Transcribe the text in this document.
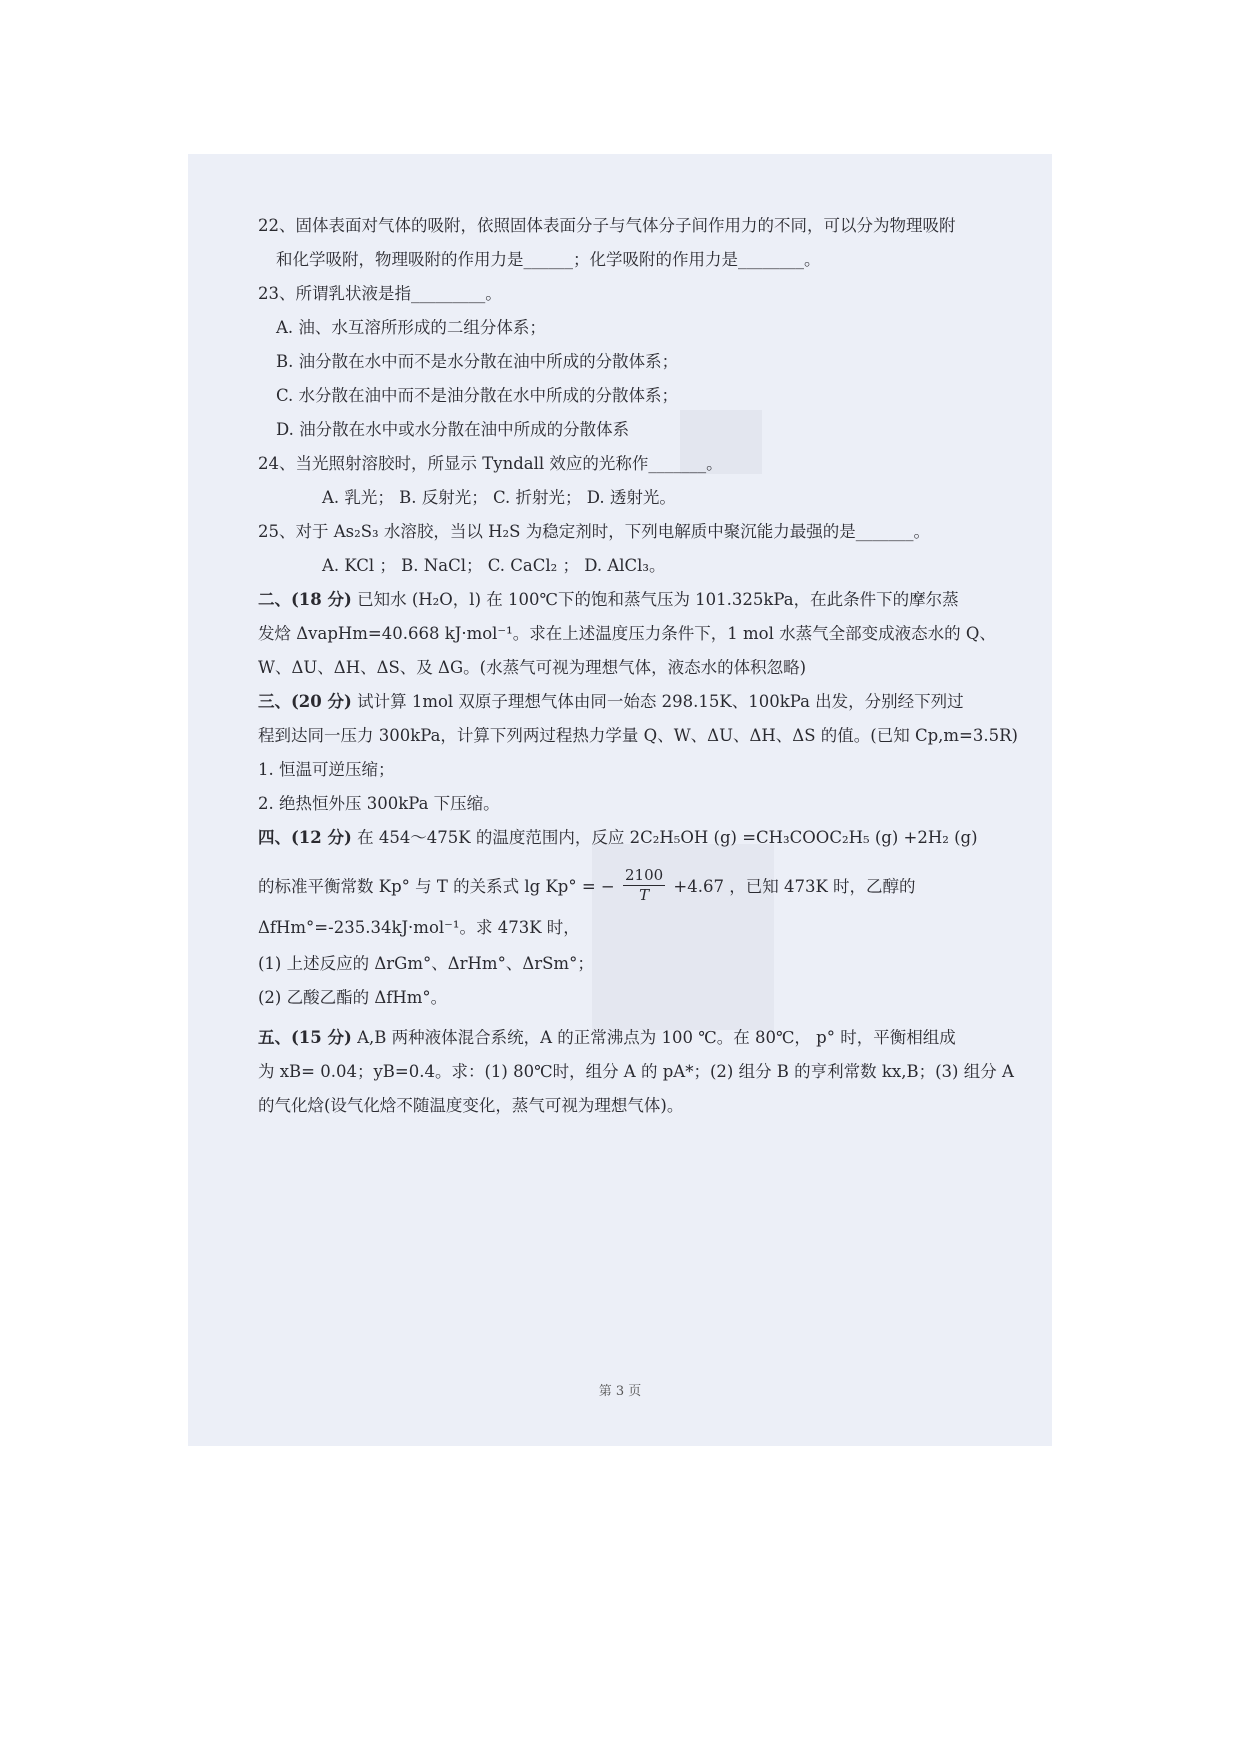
22、固体表面对气体的吸附，依照固体表面分子与气体分子间作用力的不同，可以分为物理吸附
和化学吸附，物理吸附的作用力是______；化学吸附的作用力是________。
23、所谓乳状液是指_________。
A. 油、水互溶所形成的二组分体系；
B. 油分散在水中而不是水分散在油中所成的分散体系；
C. 水分散在油中而不是油分散在水中所成的分散体系；
D. 油分散在水中或水分散在油中所成的分散体系
24、当光照射溶胶时，所显示 Tyndall 效应的光称作_______。
A. 乳光； B. 反射光； C. 折射光； D. 透射光。
25、对于 As₂S₃ 水溶胶，当以 H₂S 为稳定剂时，下列电解质中聚沉能力最强的是_______。
A. KCl ； B. NaCl； C. CaCl₂ ； D. AlCl₃。
二、(18 分) 已知水 (H₂O，l) 在 100℃下的饱和蒸气压为 101.325kPa，在此条件下的摩尔蒸
发焓 ΔvapHm=40.668 kJ·mol⁻¹。求在上述温度压力条件下，1 mol 水蒸气全部变成液态水的 Q、
W、ΔU、ΔH、ΔS、及 ΔG。(水蒸气可视为理想气体，液态水的体积忽略)
三、(20 分) 试计算 1mol 双原子理想气体由同一始态 298.15K、100kPa 出发，分别经下列过
程到达同一压力 300kPa，计算下列两过程热力学量 Q、W、ΔU、ΔH、ΔS 的值。(已知 Cp,m=3.5R)
1. 恒温可逆压缩；
2. 绝热恒外压 300kPa 下压缩。
四、(12 分) 在 454～475K 的温度范围内，反应 2C₂H₅OH (g) =CH₃COOC₂H₅ (g) +2H₂ (g)
的标准平衡常数 Kp° 与 T 的关系式 lg Kp° = − $\frac{2100}{T} +4.67$ ，已知 473K 时，乙醇的
ΔfHm°=-235.34kJ·mol⁻¹。求 473K 时，
(1) 上述反应的 ΔrGm°、ΔrHm°、ΔrSm°；
(2) 乙酸乙酯的 ΔfHm°。
五、(15 分) A,B 两种液体混合系统，A 的正常沸点为 100 ℃。在 80℃， p° 时，平衡相组成
为 xB= 0.04；yB=0.4。求：(1) 80℃时，组分 A 的 pA*；(2) 组分 B 的亨利常数 kx,B；(3) 组分 A
的气化焓(设气化焓不随温度变化，蒸气可视为理想气体)。
第 3 页
